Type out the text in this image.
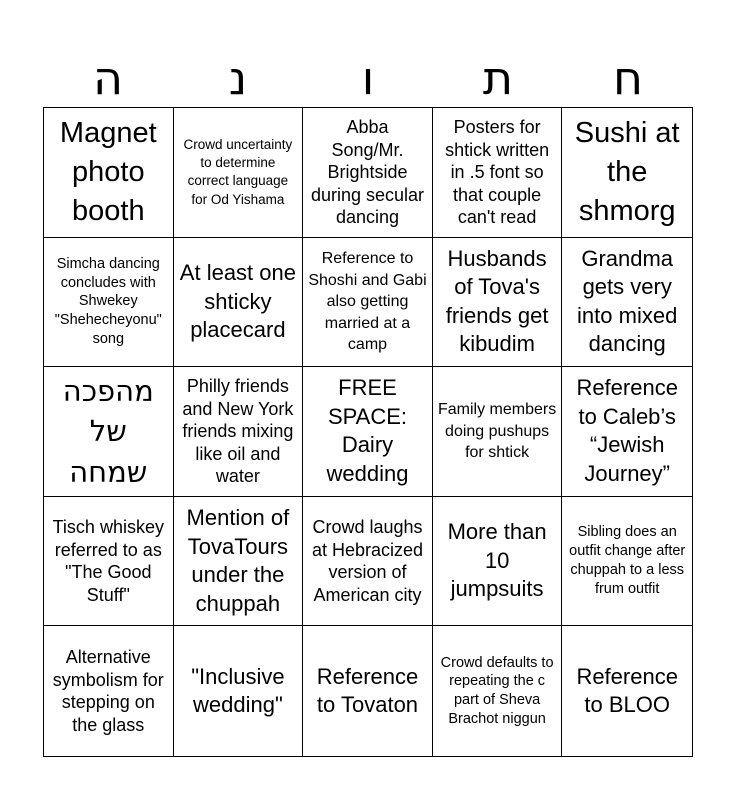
ה	נ	ו	ת	ח
Magnet photo booth
Crowd uncertainty to determine correct language for Od Yishama
Abba Song/Mr. Brightside during secular dancing
Posters for shtick written in .5 font so that couple can't read
Sushi at the shmorg
Simcha dancing concludes with Shwekey "Shehecheyonu" song
At least one shticky placecard
Reference to Shoshi and Gabi also getting married at a camp
Husbands of Tova's friends get kibudim
Grandma gets very into mixed dancing
מהפכה של שמחה
Philly friends and New York friends mixing like oil and water
FREE SPACE: Dairy wedding
Family members doing pushups for shtick
Reference to Caleb’s “Jewish Journey”
Tisch whiskey referred to as "The Good Stuff"
Mention of TovaTours under the chuppah
Crowd laughs at Hebracized version of American city
More than 10 jumpsuits
Sibling does an outfit change after chuppah to a less frum outfit
Alternative symbolism for stepping on the glass
"Inclusive wedding"
Reference to Tovaton
Crowd defaults to repeating the c part of Sheva Brachot niggun
Reference to BLOO
